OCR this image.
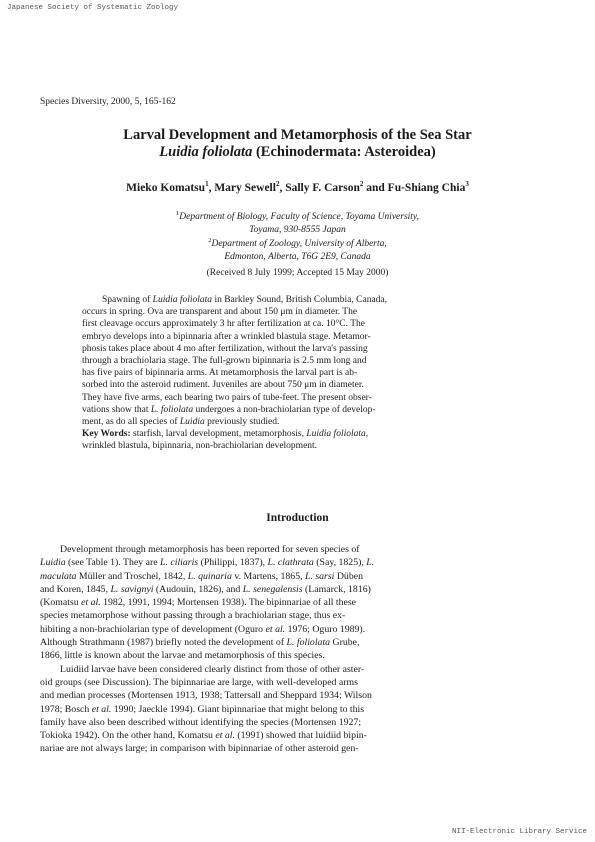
Japanese Society of Systematic Zoology
Species Diversity, 2000, 5, 165-162
Larval Development and Metamorphosis of the Sea Star
Luidia foliolata (Echinodermata: Asteroidea)
Mieko Komatsu$^1$, Mary Sewell$^2$, Sally F. Carson$^2$ and Fu-Shiang Chia$^3$
$^1$Department of Biology, Faculty of Science, Toyama University,
Toyama, 930-8555 Japan
$^2$Department of Zoology, University of Alberta,
Edmonton, Alberta, T6G 2E9, Canada
(Received 8 July 1999; Accepted 15 May 2000)
Spawning of Luidia foliolata in Barkley Sound, British Columbia, Canada,
occurs in spring. Ova are transparent and about 150 μm in diameter. The
first cleavage occurs approximately 3 hr after fertilization at ca. 10°C. The
embryo develops into a bipinnaria after a wrinkled blastula stage. Metamor-
phosis takes place about 4 mo after fertilization, without the larva's passing
through a brachiolaria stage. The full-grown bipinnaria is 2.5 mm long and
has five pairs of bipinnaria arms. At metamorphosis the larval part is ab-
sorbed into the asteroid rudiment. Juveniles are about 750 μm in diameter.
They have five arms, each bearing two pairs of tube-feet. The present obser-
vations show that L. foliolata undergoes a non-brachiolarian type of develop-
ment, as do all species of Luidia previously studied.
Key Words: starfish, larval development, metamorphosis, Luidia foliolata,
wrinkled blastula, bipinnaria, non-brachiolarian development.
Introduction
Development through metamorphosis has been reported for seven species of
Luidia (see Table 1). They are L. ciliaris (Philippi, 1837), L. clathrata (Say, 1825), L.
maculata Müller and Troschel, 1842, L. quinaria v. Martens, 1865, L. sarsi Düben
and Koren, 1845, L. savignyi (Audouin, 1826), and L. senegalensis (Lamarck, 1816)
(Komatsu et al. 1982, 1991, 1994; Mortensen 1938). The bipinnariae of all these
species metamorphose without passing through a brachiolarian stage, thus ex-
hibiting a non-brachiolarian type of development (Oguro et al. 1976; Oguro 1989).
Although Strathmann (1987) briefly noted the development of L. foliolata Grube,
1866, little is known about the larvae and metamorphosis of this species.
Luidiid larvae have been considered clearly distinct from those of other aster-
oid groups (see Discussion). The bipinnariae are large, with well-developed arms
and median processes (Mortensen 1913, 1938; Tattersall and Sheppard 1934; Wilson
1978; Bosch et al. 1990; Jaeckle 1994). Giant bipinnariae that might belong to this
family have also been described without identifying the species (Mortensen 1927;
Tokioka 1942). On the other hand, Komatsu et al. (1991) showed that luidiid bipin-
nariae are not always large; in comparison with bipinnariae of other asteroid gen-
NII-Electronic Library Service
